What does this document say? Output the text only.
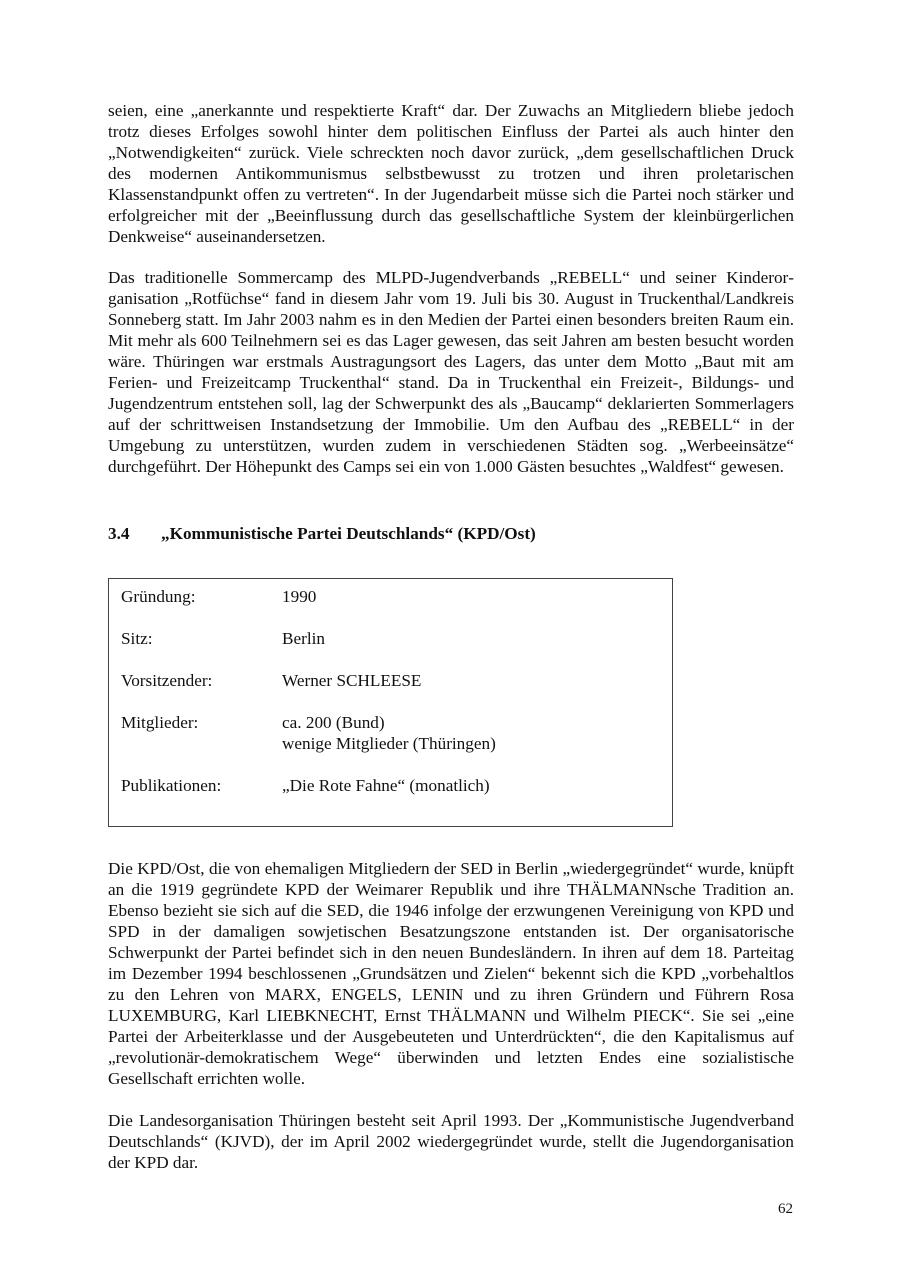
seien, eine „anerkannte und respektierte Kraft“ dar. Der Zuwachs an Mitgliedern bliebe jedoch trotz dieses Erfolges sowohl hinter dem politischen Einfluss der Partei als auch hinter den „Notwendigkeiten“ zurück. Viele schreckten noch davor zurück, „dem gesellschaftlichen Druck des modernen Antikommunismus selbstbewusst zu trotzen und ihren proletarischen Klassenstandpunkt offen zu vertreten“. In der Jugendarbeit müsse sich die Partei noch stärker und erfolgreicher mit der „Beeinflussung durch das gesellschaftliche System der kleinbürgerlichen Denkweise“ auseinandersetzen.

Das traditionelle Sommercamp des MLPD-Jugendverbands „REBELL“ und seiner Kinderorganisation „Rotfüchse“ fand in diesem Jahr vom 19. Juli bis 30. August in Truckenthal/Landkreis Sonneberg statt. Im Jahr 2003 nahm es in den Medien der Partei einen besonders breiten Raum ein. Mit mehr als 600 Teilnehmern sei es das Lager gewesen, das seit Jahren am besten besucht worden wäre. Thüringen war erstmals Austragungsort des Lagers, das unter dem Motto „Baut mit am Ferien- und Freizeitcamp Truckenthal“ stand. Da in Truckenthal ein Freizeit-, Bildungs- und Jugendzentrum entstehen soll, lag der Schwerpunkt des als „Baucamp“ deklarierten Sommerlagers auf der schrittweisen Instandsetzung der Immobilie. Um den Aufbau des „REBELL“ in der Umgebung zu unterstützen, wurden zudem in verschiedenen Städten sog. „Werbeeinsätze“ durchgeführt. Der Höhepunkt des Camps sei ein von 1.000 Gästen besuchtes „Waldfest“ gewesen.

3.4	„Kommunistische Partei Deutschlands“ (KPD/Ost)
Gründung:	1990
Sitz:	Berlin
Vorsitzender:	Werner SCHLEESE
Mitglieder:	ca. 200 (Bund)
wenige Mitglieder (Thüringen)
Publikationen:	„Die Rote Fahne“ (monatlich)

Die KPD/Ost, die von ehemaligen Mitgliedern der SED in Berlin „wiedergegründet“ wurde, knüpft an die 1919 gegründete KPD der Weimarer Republik und ihre THÄLMANNsche Tradition an. Ebenso bezieht sie sich auf die SED, die 1946 infolge der erzwungenen Vereinigung von KPD und SPD in der damaligen sowjetischen Besatzungszone entstanden ist. Der organisatorische Schwerpunkt der Partei befindet sich in den neuen Bundesländern. In ihren auf dem 18. Parteitag im Dezember 1994 beschlossenen „Grundsätzen und Zielen“ bekennt sich die KPD „vorbehaltlos zu den Lehren von MARX, ENGELS, LENIN und zu ihren Gründern und Führern Rosa LUXEMBURG, Karl LIEBKNECHT, Ernst THÄLMANN und Wilhelm PIECK“. Sie sei „eine Partei der Arbeiterklasse und der Ausgebeuteten und Unterdrückten“, die den Kapitalismus auf „revolutionär-demokratischem Wege“ überwinden und letzten Endes eine sozialistische Gesellschaft errichten wolle.

Die Landesorganisation Thüringen besteht seit April 1993. Der „Kommunistische Jugendverband Deutschlands“ (KJVD), der im April 2002 wiedergegründet wurde, stellt die Jugendorganisation der KPD dar.

62
